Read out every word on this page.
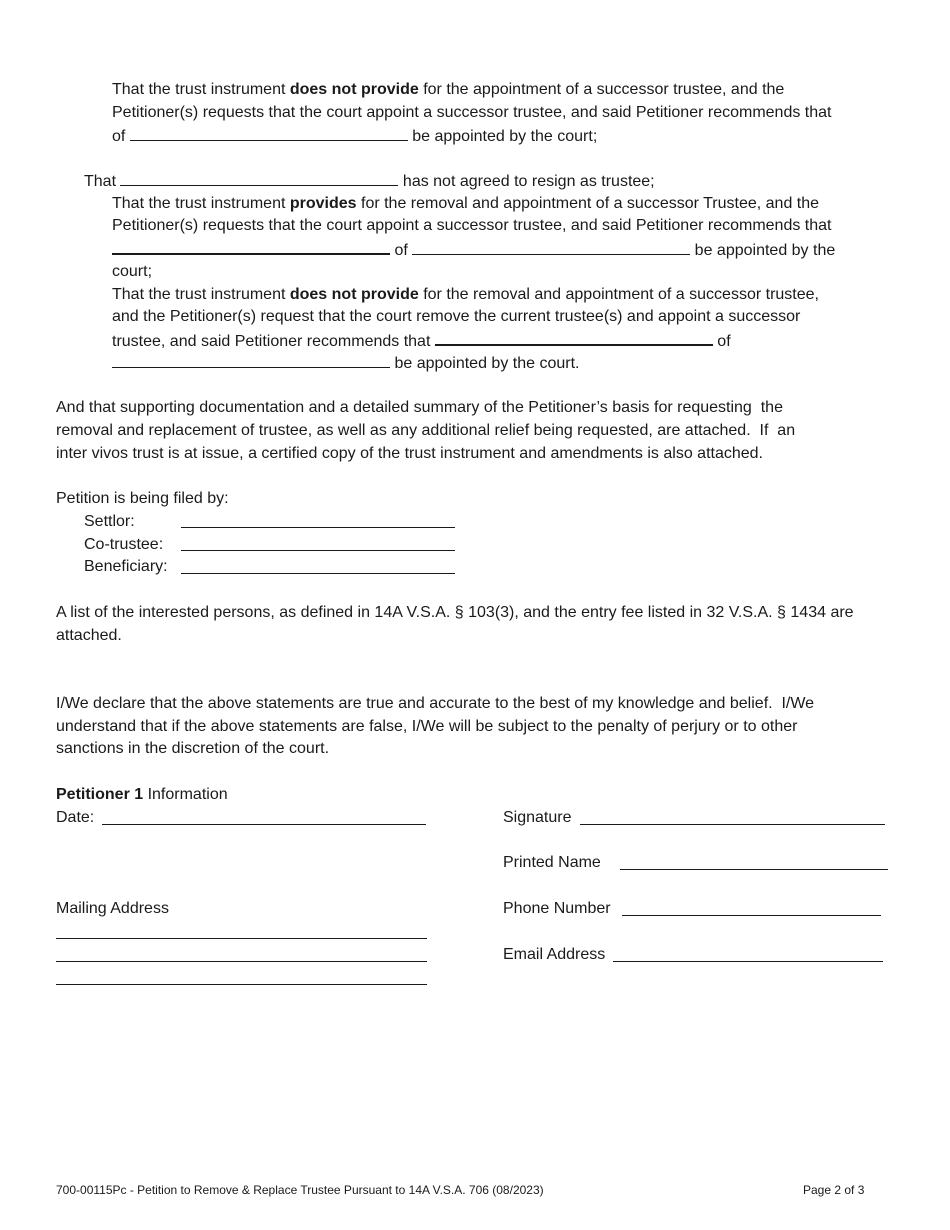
That the trust instrument does not provide for the appointment of a successor trustee, and the
Petitioner(s) requests that the court appoint a successor trustee, and said Petitioner recommends that
of	be appointed by the court;
That	has not agreed to resign as trustee;
That the trust instrument provides for the removal and appointment of a successor Trustee, and the
Petitioner(s) requests that the court appoint a successor trustee, and said Petitioner recommends that
of	be appointed by the
court;
That the trust instrument does not provide for the removal and appointment of a successor trustee,
and the Petitioner(s) request that the court remove the current trustee(s) and appoint a successor
trustee, and said Petitioner recommends that	of
be appointed by the court.
And that supporting documentation and a detailed summary of the Petitioner’s basis for requesting  the
removal and replacement of trustee, as well as any additional relief being requested, are attached.  If  an
inter vivos trust is at issue, a certified copy of the trust instrument and amendments is also attached.
Petition is being filed by:
Settlor:
Co-trustee:
Beneficiary:
A list of the interested persons, as defined in 14A V.S.A. § 103(3), and the entry fee listed in 32 V.S.A. § 1434 are
attached.
I/We declare that the above statements are true and accurate to the best of my knowledge and belief.  I/We
understand that if the above statements are false, I/We will be subject to the penalty of perjury or to other
sanctions in the discretion of the court.
Petitioner 1 Information
Date:	Signature
Printed Name
Mailing Address	Phone Number
Email Address
700-00115Pc - Petition to Remove & Replace Trustee Pursuant to 14A V.S.A. 706 (08/2023)	Page 2 of 3
